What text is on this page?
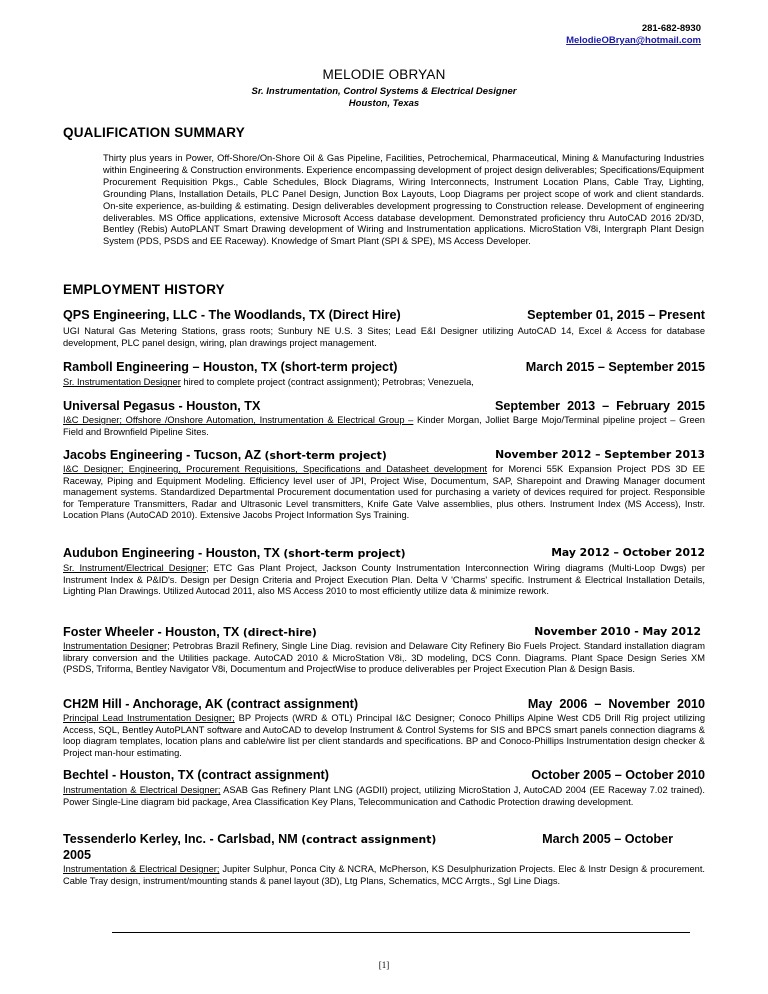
281-682-8930
MelodieOBryan@hotmail.com
MELODIE OBRYAN
Sr. Instrumentation, Control Systems & Electrical Designer
Houston, Texas
QUALIFICATION SUMMARY
Thirty plus years in Power, Off-Shore/On-Shore Oil & Gas Pipeline, Facilities, Petrochemical, Pharmaceutical, Mining & Manufacturing Industries within Engineering & Construction environments. Experience encompassing development of project design deliverables; Specifications/Equipment Procurement Requisition Pkgs., Cable Schedules, Block Diagrams, Wiring Interconnects, Instrument Location Plans, Cable Tray, Lighting, Grounding Plans, Installation Details, PLC Panel Design, Junction Box Layouts, Loop Diagrams per project scope of work and client standards. On-site experience, as-building & estimating. Design deliverables development progressing to Construction release. Development of engineering deliverables. MS Office applications, extensive Microsoft Access database development. Demonstrated proficiency thru AutoCAD 2016 2D/3D, Bentley (Rebis) AutoPLANT Smart Drawing development of Wiring and Instrumentation applications. MicroStation V8i, Intergraph Plant Design System (PDS, PSDS and EE Raceway). Knowledge of Smart Plant (SPI & SPE), MS Access Developer.
EMPLOYMENT HISTORY
QPS Engineering, LLC - The Woodlands, TX (Direct Hire)	September 01, 2015 – Present
UGI Natural Gas Metering Stations, grass roots; Sunbury NE U.S. 3 Sites; Lead E&I Designer utilizing AutoCAD 14, Excel & Access for database development, PLC panel design, wiring, plan drawings project management.
Ramboll Engineering – Houston, TX (short-term project)	March 2015 – September 2015
Sr. Instrumentation Designer hired to complete project (contract assignment); Petrobras; Venezuela,
Universal Pegasus - Houston, TX	September  2013  –  February  2015
I&C Designer; Offshore /Onshore Automation, Instrumentation & Electrical Group – Kinder Morgan, Jolliet Barge Mojo/Terminal pipeline project – Green Field and Brownfield Pipeline Sites.
Jacobs Engineering - Tucson, AZ (short-term project)	November 2012 – September 2013
I&C Designer; Engineering, Procurement Requisitions, Specifications and Datasheet development for Morenci 55K Expansion Project PDS 3D EE Raceway, Piping and Equipment Modeling. Efficiency level user of JPI, Project Wise, Documentum, SAP, Sharepoint and Drawing Manager document management systems. Standardized Departmental Procurement documentation used for purchasing a variety of devices required for project. Responsible for Temperature Transmitters, Radar and Ultrasonic Level transmitters, Knife Gate Valve assemblies, plus others. Instrument Index (MS Access), Instr. Location Plans (AutoCAD 2010). Extensive Jacobs Project Information Sys Training.
Audubon Engineering - Houston, TX (short-term project)	May 2012 – October 2012
Sr. Instrument/Electrical Designer; ETC Gas Plant Project, Jackson County Instrumentation Interconnection Wiring diagrams (Multi-Loop Dwgs) per Instrument Index & P&ID's. Design per Design Criteria and Project Execution Plan. Delta V 'Charms' specific. Instrument & Electrical Installation Details, Lighting Plan Drawings. Utilized Autocad 2011, also MS Access 2010 to most efficiently utilize data & minimize rework.
Foster Wheeler - Houston, TX (direct-hire)	November 2010 - May 2012
Instrumentation Designer; Petrobras Brazil Refinery, Single Line Diag. revision and Delaware City Refinery Bio Fuels Project. Standard installation diagram library conversion and the Utilities package. AutoCAD 2010 & MicroStation V8i,. 3D modeling, DCS Conn. Diagrams. Plant Space Design Series XM (PSDS, Triforma, Bentley Navigator V8i, Documentum and ProjectWise to produce deliverables per Project Execution Plan & Design Basis.
CH2M Hill - Anchorage, AK (contract assignment)	May  2006  –  November  2010
Principal Lead Instrumentation Designer; BP Projects (WRD & OTL) Principal I&C Designer; Conoco Phillips Alpine West CD5 Drill Rig project utilizing Access, SQL, Bentley AutoPLANT software and AutoCAD to develop Instrument & Control Systems for SIS and BPCS smart panels connection diagrams & loop diagram templates, location plans and cable/wire list per client standards and specifications. BP and Conoco-Phillips Instrumentation design checker & Project man-hour estimating.
Bechtel - Houston, TX (contract assignment)	October 2005 – October 2010
Instrumentation & Electrical Designer; ASAB Gas Refinery Plant LNG (AGDII) project, utilizing MicroStation J, AutoCAD 2004 (EE Raceway 7.02 trained). Power Single-Line diagram bid package, Area Classification Key Plans, Telecommunication and Cathodic Protection drawing development.
Tessenderlo Kerley, Inc. - Carlsbad, NM (contract assignment)	March 2005 – October
2005
Instrumentation & Electrical Designer; Jupiter Sulphur, Ponca City & NCRA, McPherson, KS Desulphurization Projects. Elec & Instr Design & procurement. Cable Tray design, instrument/mounting stands & panel layout (3D), Ltg Plans, Schematics, MCC Arrgts., Sgl Line Diags.
[1]
